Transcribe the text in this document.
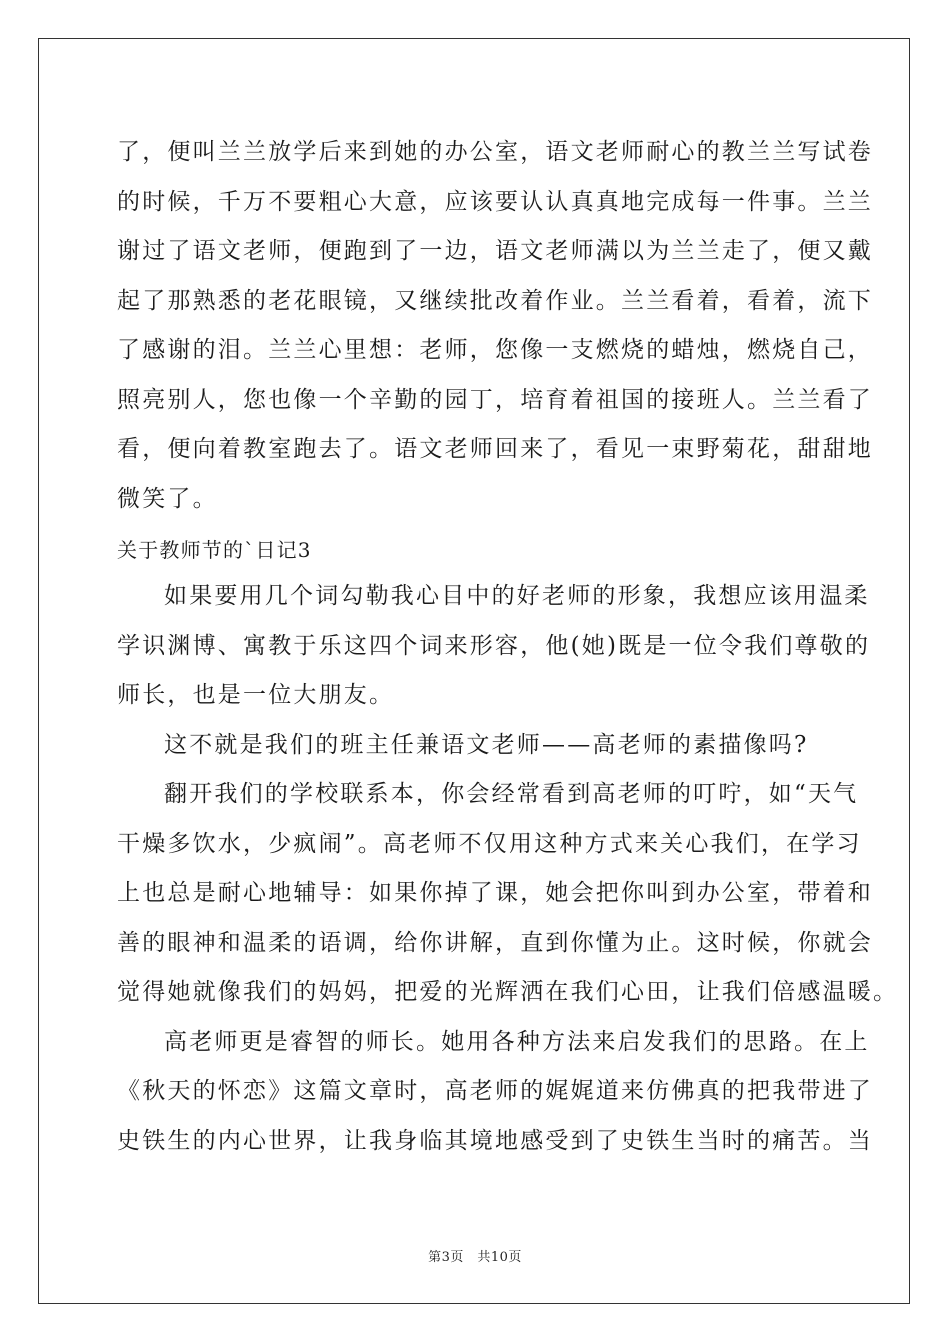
了，便叫兰兰放学后来到她的办公室，语文老师耐心的教兰兰写试卷
的时候，千万不要粗心大意，应该要认认真真地完成每一件事。兰兰
谢过了语文老师，便跑到了一边，语文老师满以为兰兰走了，便又戴
起了那熟悉的老花眼镜，又继续批改着作业。兰兰看着，看着，流下
了感谢的泪。兰兰心里想：老师，您像一支燃烧的蜡烛，燃烧自己，
照亮别人，您也像一个辛勤的园丁，培育着祖国的接班人。兰兰看了
看，便向着教室跑去了。语文老师回来了，看见一束野菊花，甜甜地
微笑了。
关于教师节的`日记3
如果要用几个词勾勒我心目中的好老师的形象，我想应该用温柔
学识渊博、寓教于乐这四个词来形容，他(她)既是一位令我们尊敬的
师长，也是一位大朋友。
这不就是我们的班主任兼语文老师——高老师的素描像吗?
翻开我们的学校联系本，你会经常看到高老师的叮咛，如“天气
干燥多饮水，少疯闹”。高老师不仅用这种方式来关心我们，在学习
上也总是耐心地辅导：如果你掉了课，她会把你叫到办公室，带着和
善的眼神和温柔的语调，给你讲解，直到你懂为止。这时候，你就会
觉得她就像我们的妈妈，把爱的光辉洒在我们心田，让我们倍感温暖。
高老师更是睿智的师长。她用各种方法来启发我们的思路。在上
《秋天的怀恋》这篇文章时，高老师的娓娓道来仿佛真的把我带进了
史铁生的内心世界，让我身临其境地感受到了史铁生当时的痛苦。当
第3页　共10页
